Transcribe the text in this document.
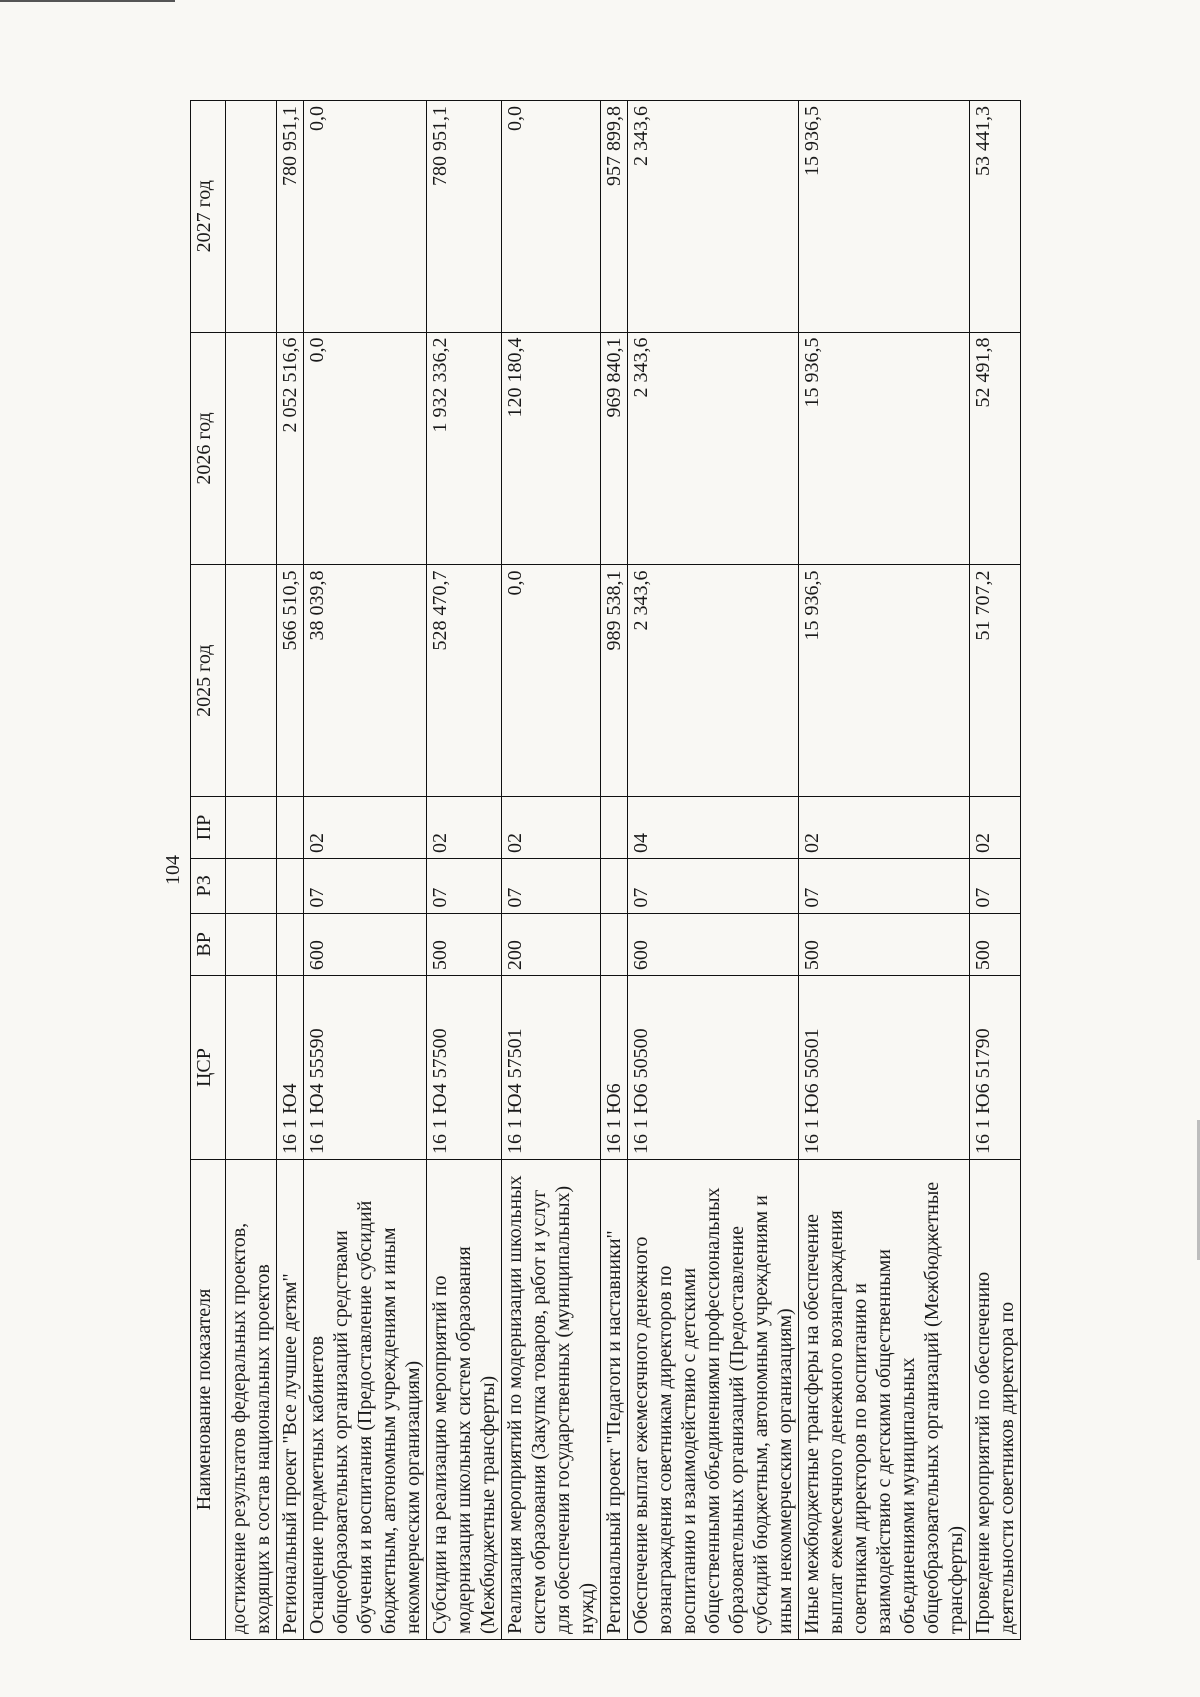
104
Наименование показателя	ЦСР	ВР	РЗ	ПР	2025 год	2026 год	2027 год
достижение результатов федеральных проектов, входящих в состав национальных проектов							
Региональный проект "Все лучшее детям"	16 1 Ю4				566 510,5	2 052 516,6	780 951,1
Оснащение предметных кабинетов общеобразовательных организаций средствами обучения и воспитания (Предоставление субсидий бюджетным, автономным учреждениям и иным некоммерческим организациям)	16 1 Ю4 55590	600	07	02	38 039,8	0,0	0,0
Субсидии на реализацию мероприятий по модернизации школьных систем образования (Межбюджетные трансферты)	16 1 Ю4 57500	500	07	02	528 470,7	1 932 336,2	780 951,1
Реализация мероприятий по модернизации школьных систем образования (Закупка товаров, работ и услуг для обеспечения государственных (муниципальных) нужд)	16 1 Ю4 57501	200	07	02	0,0	120 180,4	0,0
Региональный проект "Педагоги и наставники"	16 1 Ю6				989 538,1	969 840,1	957 899,8
Обеспечение выплат ежемесячного денежного вознаграждения советникам директоров по воспитанию и взаимодействию с детскими общественными объединениями профессиональных образовательных организаций (Предоставление субсидий бюджетным, автономным учреждениям и иным некоммерческим организациям)	16 1 Ю6 50500	600	07	04	2 343,6	2 343,6	2 343,6
Иные межбюджетные трансферы на обеспечение выплат ежемесячного денежного вознаграждения советникам директоров по воспитанию и взаимодействию с детскими общественными объединениями муниципальных общеобразовательных организаций (Межбюджетные трансферты)	16 1 Ю6 50501	500	07	02	15 936,5	15 936,5	15 936,5
Проведение мероприятий по обеспечению деятельности советников директора по	16 1 Ю6 51790	500	07	02	51 707,2	52 491,8	53 441,3
